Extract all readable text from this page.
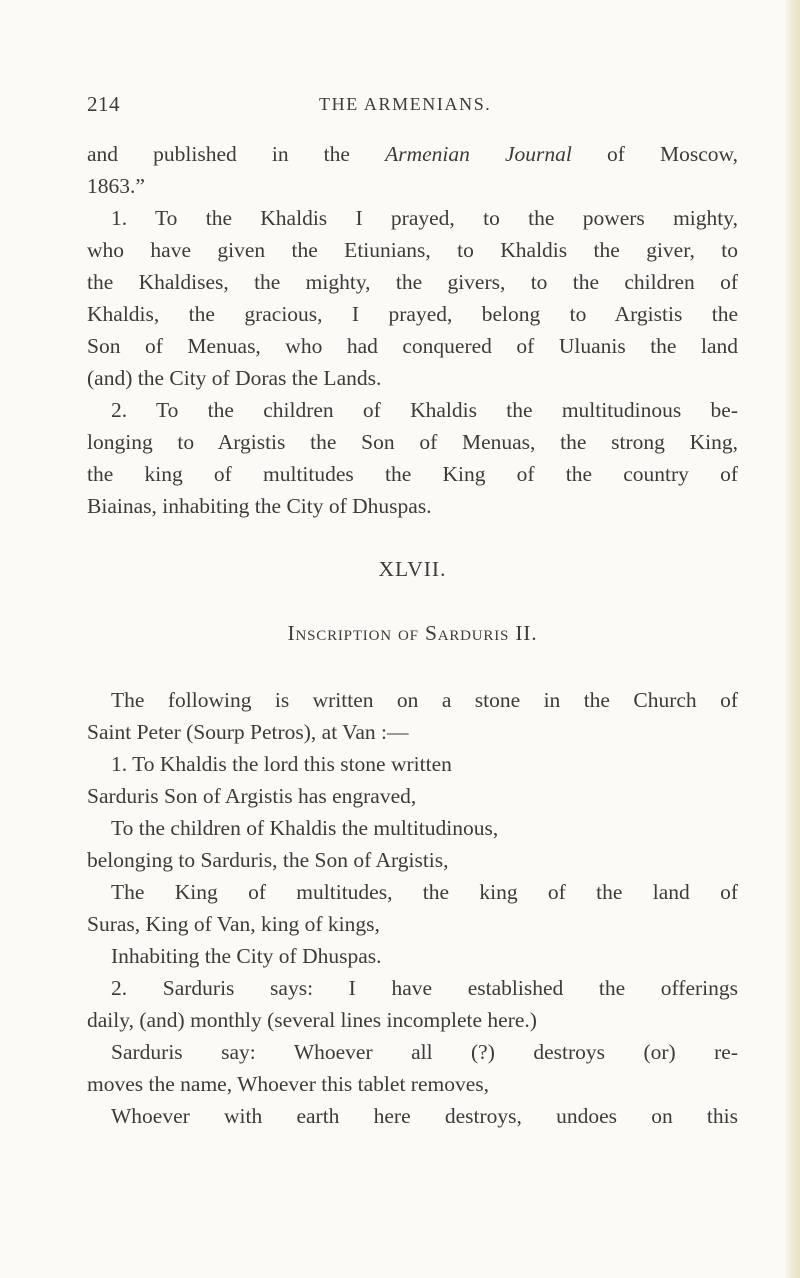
214	THE ARMENIANS.
and published in the Armenian Journal of Moscow,
1863.”
1. To the Khaldis I prayed, to the powers mighty,
who have given the Etiunians, to Khaldis the giver, to
the Khaldises, the mighty, the givers, to the children of
Khaldis, the gracious, I prayed, belong to Argistis the
Son of Menuas, who had conquered of Uluanis the land
(and) the City of Doras the Lands.
2. To the children of Khaldis the multitudinous be-
longing to Argistis the Son of Menuas, the strong King,
the king of multitudes the King of the country of
Biainas, inhabiting the City of Dhuspas.
XLVII.
Inscription of Sarduris II.
The following is written on a stone in the Church of
Saint Peter (Sourp Petros), at Van :—
1. To Khaldis the lord this stone written
Sarduris Son of Argistis has engraved,
To the children of Khaldis the multitudinous,
belonging to Sarduris, the Son of Argistis,
The King of multitudes, the king of the land of
Suras, King of Van, king of kings,
Inhabiting the City of Dhuspas.
2. Sarduris says: I have established the offerings
daily, (and) monthly (several lines incomplete here.)
Sarduris say: Whoever all (?) destroys (or) re-
moves the name, Whoever this tablet removes,
Whoever with earth here destroys, undoes on this
